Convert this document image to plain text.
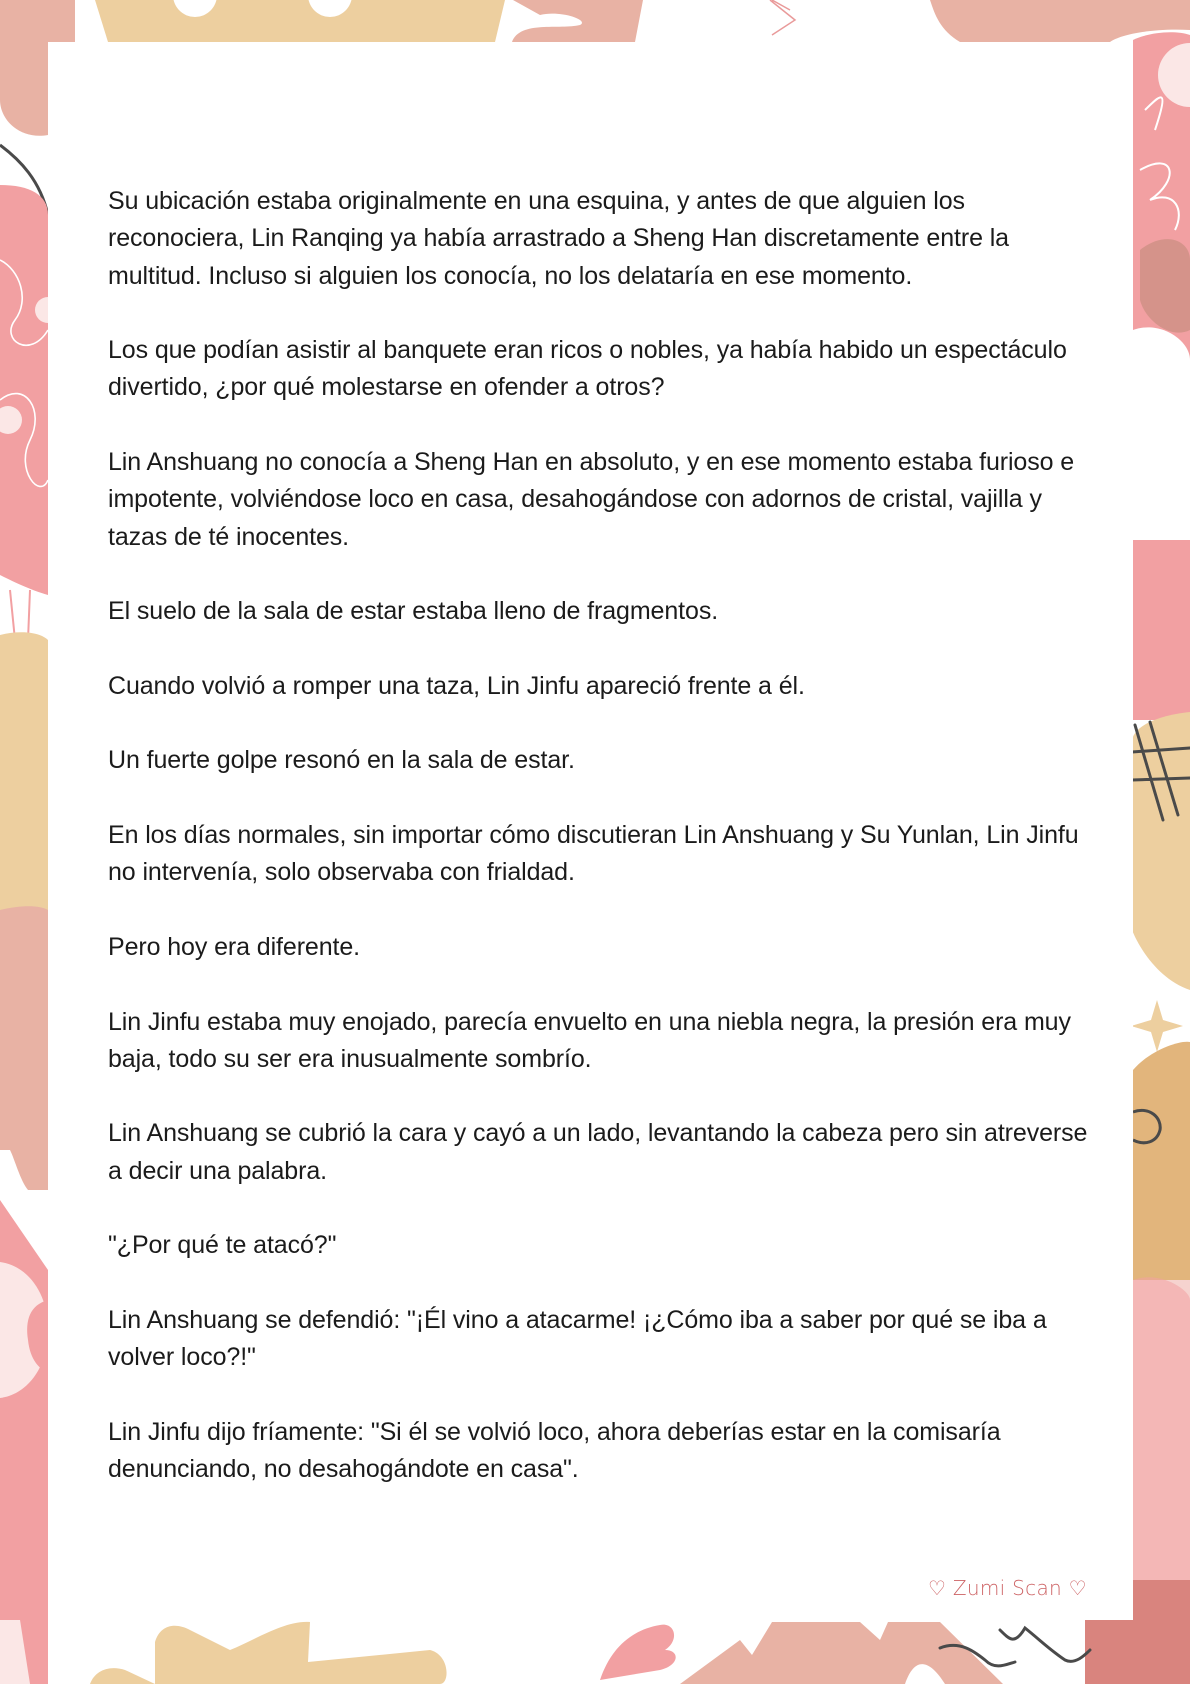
Su ubicación estaba originalmente en una esquina, y antes de que alguien los reconociera, Lin Ranqing ya había arrastrado a Sheng Han discretamente entre la multitud. Incluso si alguien los conocía, no los delataría en ese momento.

Los que podían asistir al banquete eran ricos o nobles, ya había habido un espectáculo divertido, ¿por qué molestarse en ofender a otros?

Lin Anshuang no conocía a Sheng Han en absoluto, y en ese momento estaba furioso e impotente, volviéndose loco en casa, desahogándose con adornos de cristal, vajilla y tazas de té inocentes.

El suelo de la sala de estar estaba lleno de fragmentos.

Cuando volvió a romper una taza, Lin Jinfu apareció frente a él.

Un fuerte golpe resonó en la sala de estar.

En los días normales, sin importar cómo discutieran Lin Anshuang y Su Yunlan, Lin Jinfu no intervenía, solo observaba con frialdad.

Pero hoy era diferente.

Lin Jinfu estaba muy enojado, parecía envuelto en una niebla negra, la presión era muy baja, todo su ser era inusualmente sombrío.

Lin Anshuang se cubrió la cara y cayó a un lado, levantando la cabeza pero sin atreverse a decir una palabra.

"¿Por qué te atacó?"

Lin Anshuang se defendió: "¡Él vino a atacarme! ¡¿Cómo iba a saber por qué se iba a volver loco?!"

Lin Jinfu dijo fríamente: "Si él se volvió loco, ahora deberías estar en la comisaría denunciando, no desahogándote en casa".

♡ Zumi Scan ♡
